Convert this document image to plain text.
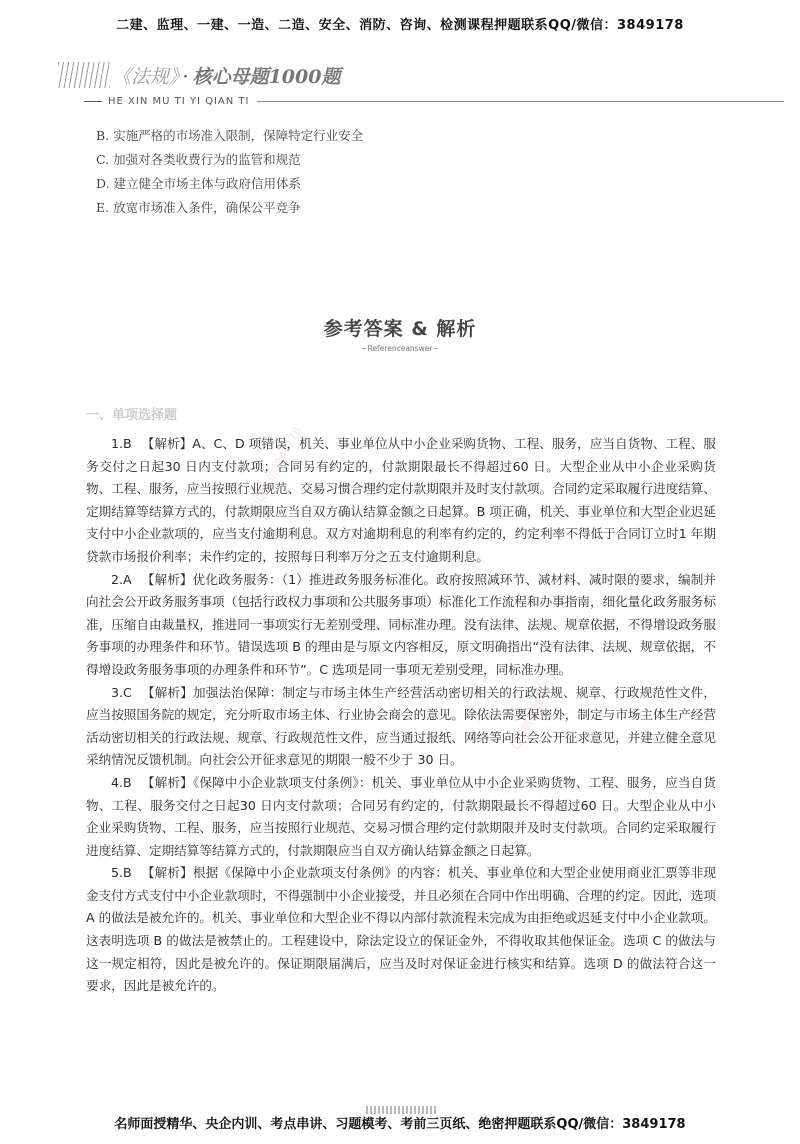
二建、监理、一建、一造、二造、安全、消防、咨询、检测课程押题联系QQ/微信：3849178
《法规》 · 核心母题1000题
HE XIN MU TI YI QIAN TI
B. 实施严格的市场准入限制，保障特定行业安全
C. 加强对各类收费行为的监管和规范
D. 建立健全市场主体与政府信用体系
E. 放宽市场准入条件，确保公平竞争
参考答案 & 解析
~Referenceanswer~
一、单项选择题
QQ/微信3849178
QQ/微信3849178

1.B 【解析】A、C、D 项错误，机关、事业单位从中小企业采购货物、工程、服务，应当自货物、工程、服务交付之日起30 日内支付款项；合同另有约定的，付款期限最长不得超过60 日。大型企业从中小企业采购货物、工程、服务，应当按照行业规范、交易习惯合理约定付款期限并及时支付款项。合同约定采取履行进度结算、定期结算等结算方式的，付款期限应当自双方确认结算金额之日起算。B 项正确，机关、事业单位和大型企业迟延支付中小企业款项的，应当支付逾期利息。双方对逾期利息的利率有约定的，约定利率不得低于合同订立时1 年期贷款市场报价利率；未作约定的，按照每日利率万分之五支付逾期利息。

2.A 【解析】优化政务服务：（1）推进政务服务标准化。政府按照减环节、减材料、减时限的要求，编制并向社会公开政务服务事项（包括行政权力事项和公共服务事项）标准化工作流程和办事指南，细化量化政务服务标准，压缩自由裁量权，推进同一事项实行无差别受理、同标准办理。没有法律、法规、规章依据，不得增设政务服务事项的办理条件和环节。错误选项 B 的理由是与原文内容相反，原文明确指出“没有法律、法规、规章依据，不得增设政务服务事项的办理条件和环节”。C 选项是同一事项无差别受理，同标准办理。

3.C 【解析】加强法治保障：制定与市场主体生产经营活动密切相关的行政法规、规章、行政规范性文件，应当按照国务院的规定，充分听取市场主体、行业协会商会的意见。除依法需要保密外，制定与市场主体生产经营活动密切相关的行政法规、规章、行政规范性文件，应当通过报纸、网络等向社会公开征求意见，并建立健全意见采纳情况反馈机制。向社会公开征求意见的期限一般不少于 30 日。

4.B 【解析】《保障中小企业款项支付条例》：机关、事业单位从中小企业采购货物、工程、服务，应当自货物、工程、服务交付之日起30 日内支付款项；合同另有约定的，付款期限最长不得超过60 日。大型企业从中小企业采购货物、工程、服务，应当按照行业规范、交易习惯合理约定付款期限并及时支付款项。合同约定采取履行进度结算、定期结算等结算方式的，付款期限应当自双方确认结算金额之日起算。

5.B 【解析】根据《保障中小企业款项支付条例》的内容：机关、事业单位和大型企业使用商业汇票等非现金支付方式支付中小企业款项时，不得强制中小企业接受，并且必须在合同中作出明确、合理的约定。因此，选项 A 的做法是被允许的。机关、事业单位和大型企业不得以内部付款流程未完成为由拒绝或迟延支付中小企业款项。这表明选项 B 的做法是被禁止的。工程建设中，除法定设立的保证金外，不得收取其他保证金。选项 C 的做法与这一规定相符，因此是被允许的。保证期限届满后，应当及时对保证金进行核实和结算。选项 D 的做法符合这一要求，因此是被允许的。

名师面授精华、央企内训、考点串讲、习题模考、考前三页纸、绝密押题联系QQ/微信：3849178
